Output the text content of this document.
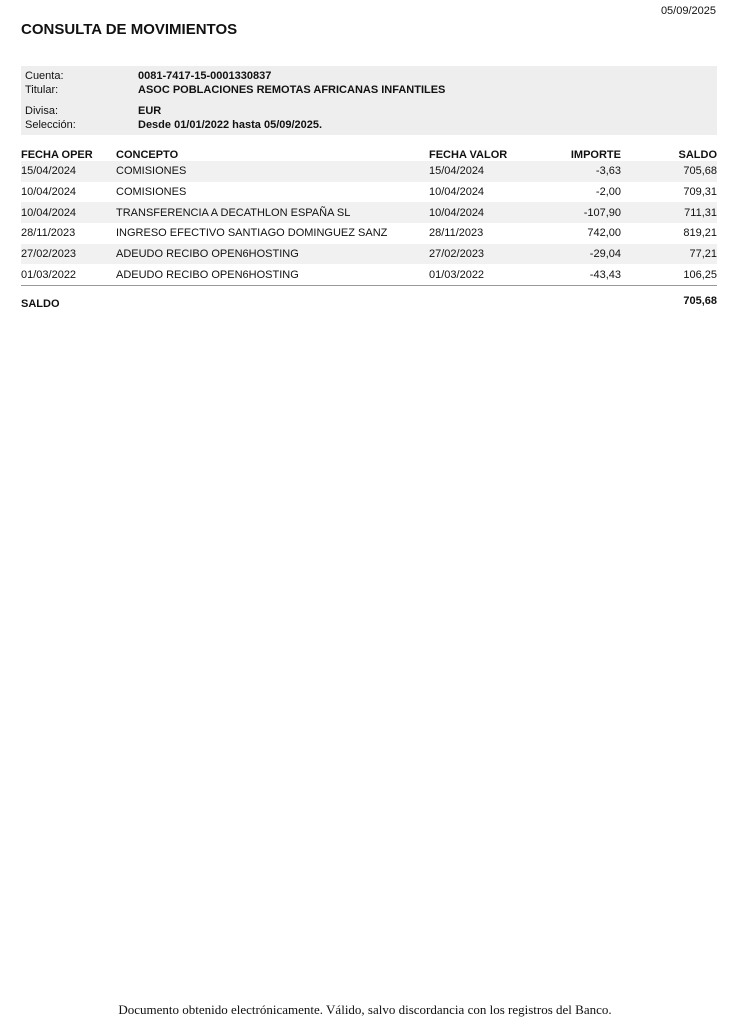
05/09/2025
CONSULTA DE MOVIMIENTOS
Cuenta:	0081-7417-15-0001330837
Titular:	ASOC POBLACIONES REMOTAS AFRICANAS INFANTILES
Divisa:	EUR
Selección:	Desde 01/01/2022 hasta 05/09/2025.
FECHA OPER	CONCEPTO	FECHA VALOR	IMPORTE	SALDO
15/04/2024	COMISIONES	15/04/2024	-3,63	705,68
10/04/2024	COMISIONES	10/04/2024	-2,00	709,31
10/04/2024	TRANSFERENCIA A DECATHLON ESPAÑA SL	10/04/2024	-107,90	711,31
28/11/2023	INGRESO EFECTIVO SANTIAGO DOMINGUEZ SANZ	28/11/2023	742,00	819,21
27/02/2023	ADEUDO RECIBO OPEN6HOSTING	27/02/2023	-29,04	77,21
01/03/2022	ADEUDO RECIBO OPEN6HOSTING	01/03/2022	-43,43	106,25
SALDO	705,68
Documento obtenido electrónicamente. Válido, salvo discordancia con los registros del Banco.
